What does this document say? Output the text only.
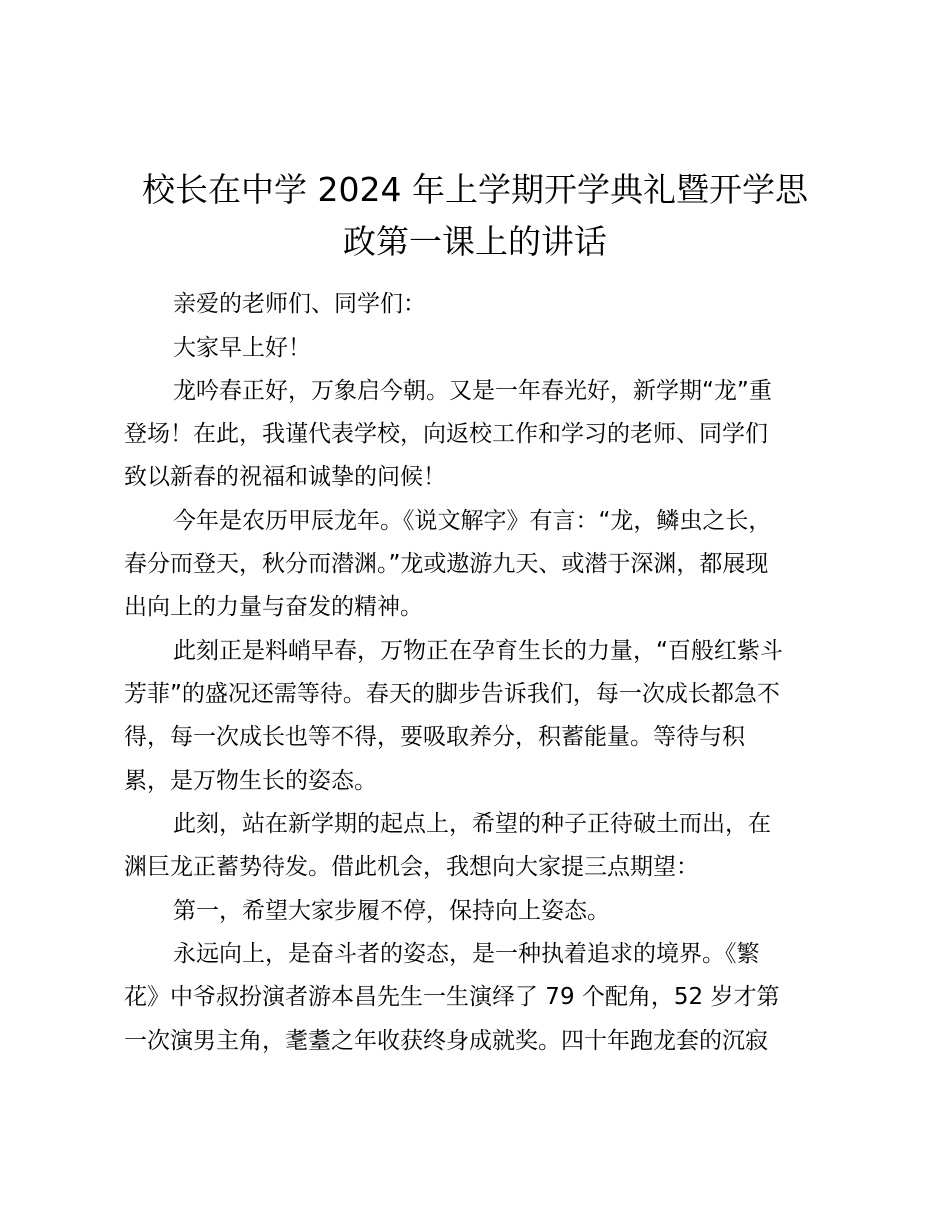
校长在中学 2024 年上学期开学典礼暨开学思
政第一课上的讲话

亲爱的老师们、同学们：

大家早上好！

龙吟春正好，万象启今朝。又是一年春光好，新学期“龙”重

登场！在此，我谨代表学校，向返校工作和学习的老师、同学们

致以新春的祝福和诚挚的问候！

今年是农历甲辰龙年。《说文解字》有言：“龙，鳞虫之长，

春分而登天，秋分而潜渊。”龙或遨游九天、或潜于深渊，都展现

出向上的力量与奋发的精神。

此刻正是料峭早春，万物正在孕育生长的力量，“百般红紫斗

芳菲”的盛况还需等待。春天的脚步告诉我们，每一次成长都急不

得，每一次成长也等不得，要吸取养分，积蓄能量。等待与积

累，是万物生长的姿态。

此刻，站在新学期的起点上，希望的种子正待破土而出，在

渊巨龙正蓄势待发。借此机会，我想向大家提三点期望：

第一，希望大家步履不停，保持向上姿态。

永远向上，是奋斗者的姿态，是一种执着追求的境界。《繁

花》中爷叔扮演者游本昌先生一生演绎了 79 个配角，52 岁才第

一次演男主角，耄耋之年收获终身成就奖。四十年跑龙套的沉寂
